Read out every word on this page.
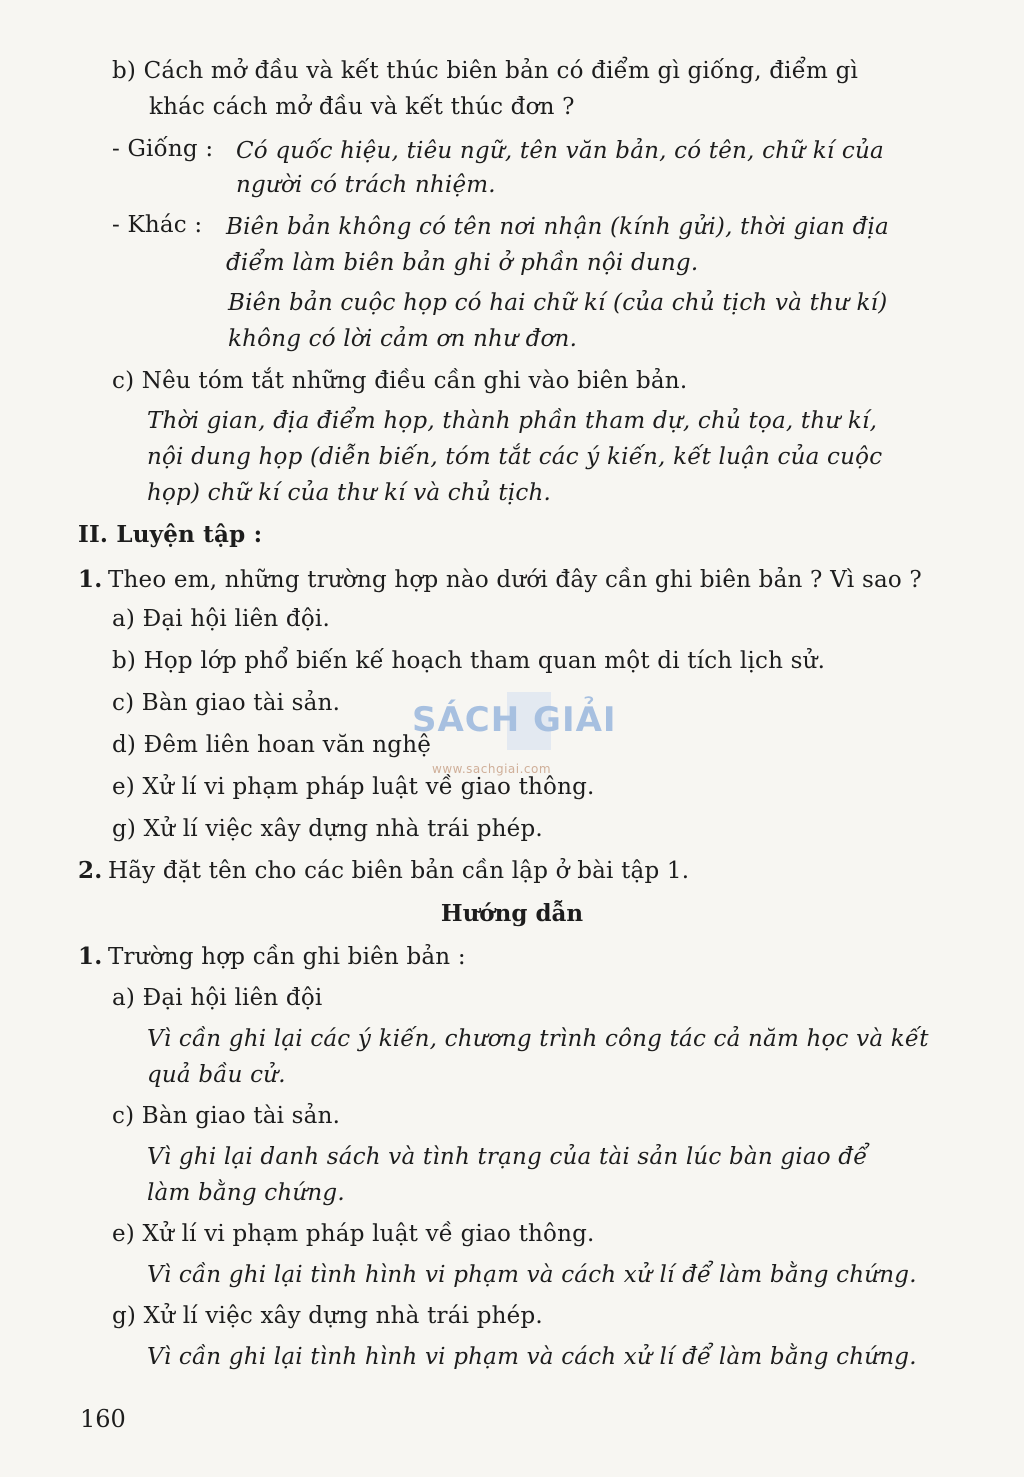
b) Cách mở đầu và kết thúc biên bản có điểm gì giống, điểm gì
khác cách mở đầu và kết thúc đơn ?
- Giống : Có quốc hiệu, tiêu ngữ, tên văn bản, có tên, chữ kí của
người có trách nhiệm.
- Khác : Biên bản không có tên nơi nhận (kính gửi), thời gian địa
điểm làm biên bản ghi ở phần nội dung.
Biên bản cuộc họp có hai chữ kí (của chủ tịch và thư kí)
không có lời cảm ơn như đơn.
c) Nêu tóm tắt những điều cần ghi vào biên bản.
Thời gian, địa điểm họp, thành phần tham dự, chủ tọa, thư kí,
nội dung họp (diễn biến, tóm tắt các ý kiến, kết luận của cuộc
họp) chữ kí của thư kí và chủ tịch.
II. Luyện tập :
1. Theo em, những trường hợp nào dưới đây cần ghi biên bản ? Vì sao ?
a) Đại hội liên đội.
b) Họp lớp phổ biến kế hoạch tham quan một di tích lịch sử.
c) Bàn giao tài sản.
d) Đêm liên hoan văn nghệ
e) Xử lí vi phạm pháp luật về giao thông.
g) Xử lí việc xây dựng nhà trái phép.
2. Hãy đặt tên cho các biên bản cần lập ở bài tập 1.
Hướng dẫn
1. Trường hợp cần ghi biên bản :
a) Đại hội liên đội
Vì cần ghi lại các ý kiến, chương trình công tác cả năm học và kết
quả bầu cử.
c) Bàn giao tài sản.
Vì ghi lại danh sách và tình trạng của tài sản lúc bàn giao để
làm bằng chứng.
e) Xử lí vi phạm pháp luật về giao thông.
Vì cần ghi lại tình hình vi phạm và cách xử lí để làm bằng chứng.
g) Xử lí việc xây dựng nhà trái phép.
Vì cần ghi lại tình hình vi phạm và cách xử lí để làm bằng chứng.
SÁCH GIẢI
www.sachgiai.com
160
